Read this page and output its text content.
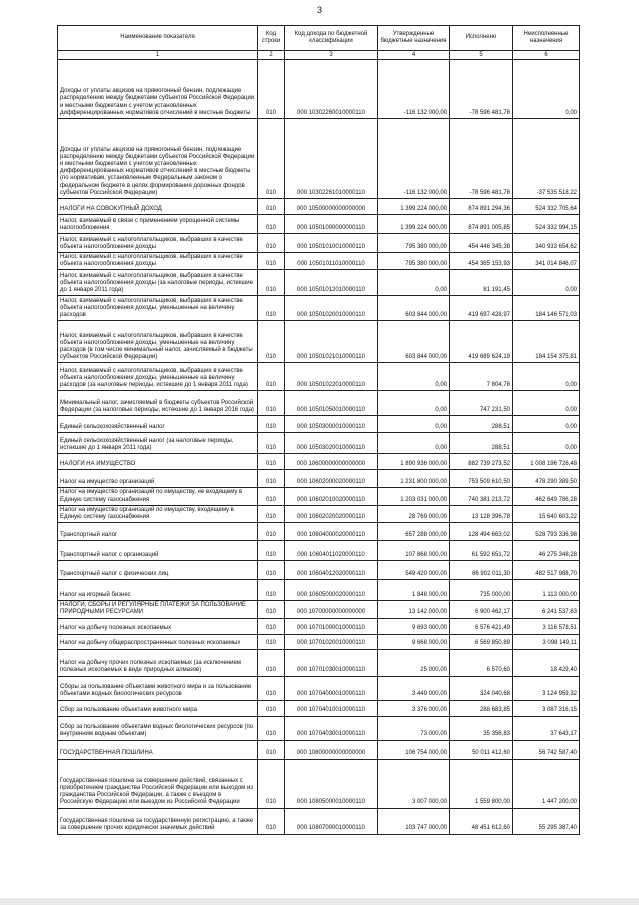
3
Наименование показателя	Код строки	Код дохода по бюджетной классификации	Утвержденные бюджетные назначения	Исполнено	Неисполненные назначения
1	2	3	4	5	6
Доходы от уплаты акцизов на прямогонный бензин, подлежащие распределению между бюджетами субъектов Российской Федерации и местными бюджетами с учетом установленных дифференцированных нормативов отчислений в местные бюджеты	010	000 10302260010000110	-116 132 000,00	-78 596 481,78	0,00
Доходы от уплаты акцизов на прямогонный бензин, подлежащие распределению между бюджетами субъектов Российской Федерации и местными бюджетами с учетом установленных дифференцированных нормативов отчислений в местные бюджеты (по нормативам, установленным Федеральным законом о федеральном бюджете в целях формирования дорожных фондов субъектов Российской Федерации)	010	000 10302261010000110	-116 132 000,00	-78 596 481,78	-37 535 518,22
НАЛОГИ НА СОВОКУПНЫЙ ДОХОД	010	000 10500000000000000	1 399 224 000,00	874 891 294,36	524 332 705,64
Налог, взимаемый в связи с применением упрощенной системы налогообложения	010	000 10501000000000110	1 399 224 000,00	874 891 005,85	524 332 994,15
Налог, взимаемый с налогоплательщиков, выбравших в качестве объекта налогообложения доходы	010	000 10501010010000110	795 380 000,00	454 446 345,38	340 933 654,62
Налог, взимаемый с налогоплательщиков, выбравших в качестве объекта налогообложения доходы	010	000 10501011010000110	795 380 000,00	454 365 153,93	341 014 846,07
Налог, взимаемый с налогоплательщиков, выбравших в качестве объекта налогообложения доходы (за налоговые периоды, истекшие до 1 января 2011 года)	010	000 10501012010000110	0,00	81 191,45	0,00
Налог, взимаемый с налогоплательщиков, выбравших в качестве объекта налогообложения доходы, уменьшенные на величину расходов	010	000 10501020010000110	603 844 000,00	419 697 428,97	184 146 571,03
Налог, взимаемый с налогоплательщиков, выбравших в качестве объекта налогообложения доходы, уменьшенные на величину расходов (в том числе минимальный налог, зачисляемый в бюджеты субъектов Российской Федерации)	010	000 10501021010000110	603 844 000,00	419 689 624,19	184 154 375,81
Налог, взимаемый с налогоплательщиков, выбравших в качестве объекта налогообложения доходы, уменьшенные на величину расходов (за налоговые периоды, истекшие до 1 января 2011 года)	010	000 10501022010000110	0,00	7 804,78	0,00
Минимальный налог, зачисляемый в бюджеты субъектов Российской Федерации (за налоговые периоды, истекшие до 1 января 2016 года)	010	000 10501050010000110	0,00	747 231,50	0,00
Единый сельскохозяйственный налог	010	000 10503000010000110	0,00	288,51	0,00
Единый сельскохозяйственный налог (за налоговые периоды, истекшие до 1 января 2011 года)	010	000 10503020010000110	0,00	288,51	0,00
НАЛОГИ НА ИМУЩЕСТВО	010	000 10600000000000000	1 890 936 000,00	882 739 273,52	1 008 196 726,48
Налог на имущество организаций	010	000 10602000020000110	1 231 800 000,00	753 509 610,50	478 290 389,50
Налог на имущество организаций по имуществу, не входящему в Единую систему газоснабжения	010	000 10602010020000110	1 203 031 000,00	740 381 213,72	462 649 786,28
Налог на имущество организаций по имуществу, входящему в Единую систему газоснабжения	010	000 10602020020000110	28 769 000,00	13 128 396,78	15 640 603,22
Транспортный налог	010	000 10604000020000110	657 288 000,00	128 494 663,02	528 793 336,98
Транспортный налог с организаций	010	000 10604011020000110	107 868 000,00	61 592 651,72	46 275 348,28
Транспортный налог с физических лиц	010	000 10604012020000110	549 420 000,00	66 902 011,30	482 517 988,70
Налог на игорный бизнес	010	000 10605000020000110	1 848 000,00	735 000,00	1 113 000,00
НАЛОГИ, СБОРЫ И РЕГУЛЯРНЫЕ ПЛАТЕЖИ ЗА ПОЛЬЗОВАНИЕ ПРИРОДНЫМИ РЕСУРСАМИ	010	000 10700000000000000	13 142 000,00	6 900 462,17	6 241 537,83
Налог на добычу полезных ископаемых	010	000 10701000010000110	9 693 000,00	6 576 421,49	3 116 578,51
Налог на добычу общераспространенных полезных ископаемых	010	000 10701020010000110	9 668 000,00	6 569 850,89	3 098 149,11
Налог на добычу прочих полезных ископаемых (за исключением полезных ископаемых в виде природных алмазов)	010	000 10701030010000110	25 000,00	6 570,60	18 429,40
Сборы за пользование объектами животного мира и за пользование объектами водных биологических ресурсов	010	000 10704000010000110	3 449 000,00	324 040,68	3 124 959,32
Сбор за пользование объектами животного мира	010	000 10704010010000110	3 376 000,00	288 683,85	3 087 316,15
Сбор за пользование объектами водных биологических ресурсов (по внутренним водным объектам)	010	000 10704030010000110	73 000,00	35 356,83	37 643,17
ГОСУДАРСТВЕННАЯ ПОШЛИНА	010	000 10800000000000000	106 754 000,00	50 011 412,60	56 742 587,40
Государственная пошлина за совершение действий, связанных с приобретением гражданства Российской Федерации или выходом из гражданства Российской Федерации, а также с въездом в Российскую Федерацию или выездом из Российской Федерации	010	000 10805000010000110	3 007 000,00	1 559 800,00	1 447 200,00
Государственная пошлина за государственную регистрацию, а также за совершение прочих юридически значимых действий	010	000 10807000010000110	103 747 000,00	48 451 612,60	55 295 387,40
